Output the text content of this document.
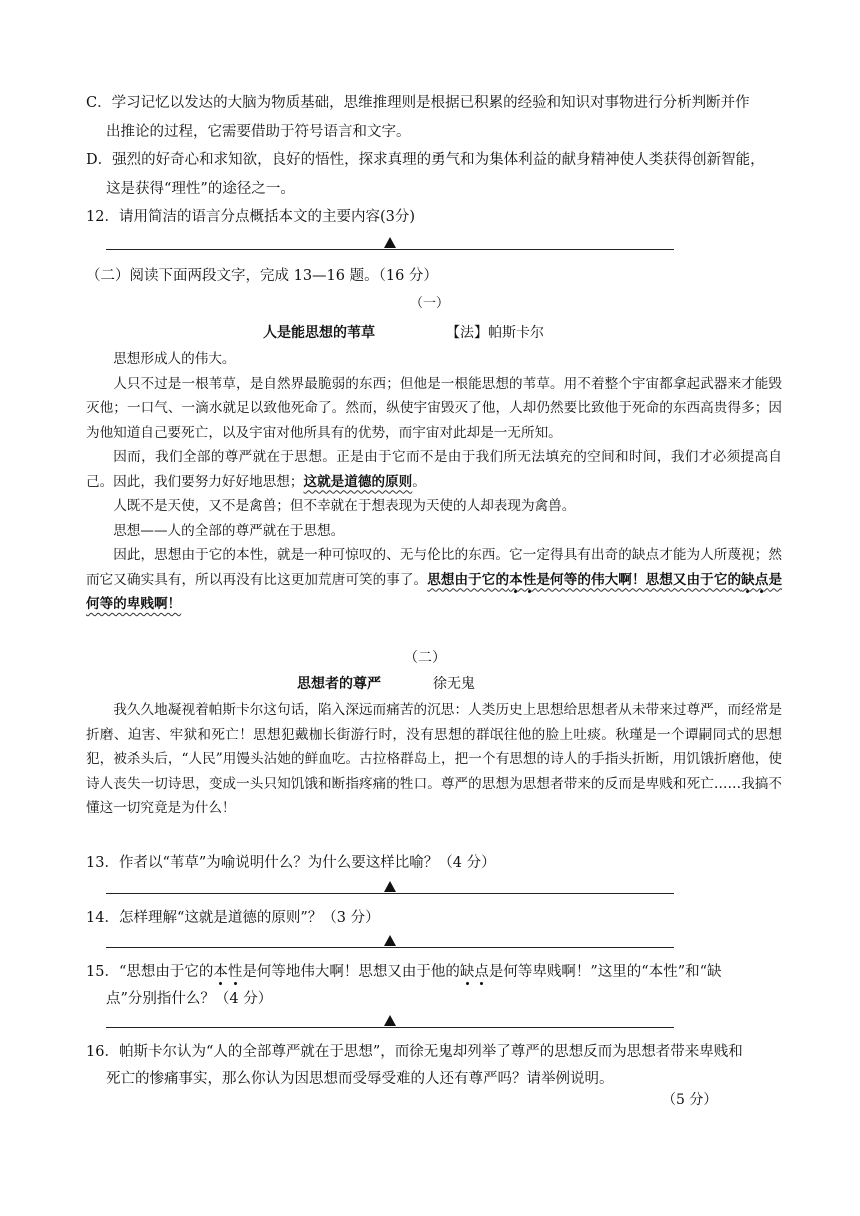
C．学习记忆以发达的大脑为物质基础，思维推理则是根据已积累的经验和知识对事物进行分析判断并作
出推论的过程，它需要借助于符号语言和文字。
D．强烈的好奇心和求知欲，良好的悟性，探求真理的勇气和为集体利益的献身精神使人类获得创新智能，
这是获得“理性”的途径之一。
12．请用简洁的语言分点概括本文的主要内容(3分)
（二）阅读下面两段文字，完成 13—16 题。（16 分）
（一）
人是能思想的苇草	【法】帕斯卡尔

思想形成人的伟大。

人只不过是一根苇草，是自然界最脆弱的东西；但他是一根能思想的苇草。用不着整个宇宙都拿起武器来才能毁灭他；一口气、一滴水就足以致他死命了。然而，纵使宇宙毁灭了他，人却仍然要比致他于死命的东西高贵得多；因为他知道自己要死亡，以及宇宙对他所具有的优势，而宇宙对此却是一无所知。

因而，我们全部的尊严就在于思想。正是由于它而不是由于我们所无法填充的空间和时间，我们才必须提高自己。因此，我们要努力好好地思想；这就是道德的原则。

人既不是天使，又不是禽兽；但不幸就在于想表现为天使的人却表现为禽兽。

思想——人的全部的尊严就在于思想。

因此，思想由于它的本性，就是一种可惊叹的、无与伦比的东西。它一定得具有出奇的缺点才能为人所蔑视；然而它又确实具有，所以再没有比这更加荒唐可笑的事了。思想由于它的本性是何等的伟大啊！思想又由于它的缺点是何等的卑贱啊！

（二）
思想者的尊严	徐无鬼

我久久地凝视着帕斯卡尔这句话，陷入深远而痛苦的沉思：人类历史上思想给思想者从未带来过尊严，而经常是折磨、迫害、牢狱和死亡！思想犯戴枷长街游行时，没有思想的群氓往他的脸上吐痰。秋瑾是一个谭嗣同式的思想犯，被杀头后，“人民”用馒头沾她的鲜血吃。古拉格群岛上，把一个有思想的诗人的手指头折断，用饥饿折磨他，使诗人丧失一切诗思，变成一头只知饥饿和断指疼痛的牲口。尊严的思想为思想者带来的反而是卑贱和死亡……我搞不懂这一切究竟是为什么！

13．作者以“苇草”为喻说明什么？为什么要这样比喻？（4 分）
14．怎样理解“这就是道德的原则”？（3 分）
15．“思想由于它的本性是何等地伟大啊！思想又由于他的缺点是何等卑贱啊！”这里的“本性”和“缺
点”分别指什么？（4 分）
16．帕斯卡尔认为“人的全部尊严就在于思想”，而徐无鬼却列举了尊严的思想反而为思想者带来卑贱和
死亡的惨痛事实，那么你认为因思想而受辱受难的人还有尊严吗？请举例说明。
（5 分）
